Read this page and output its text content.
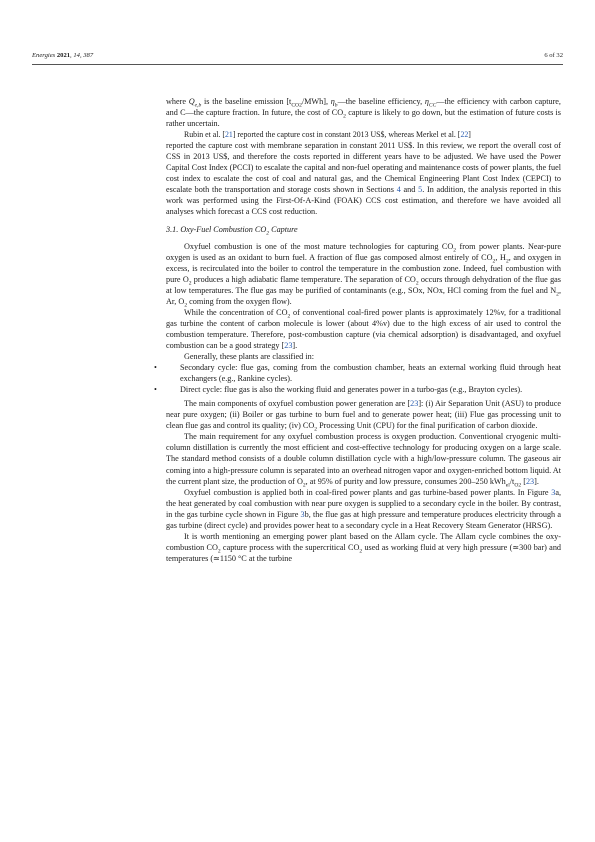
Energies 2021, 14, 387	6 of 32

where $Q_{e,b}$ is the baseline emission $[t_{CO2}/MWh]$, $\eta_b—the$ baseline efficiency, $\eta_{CC}—the$ efficiency with carbon capture, and C—the capture fraction. In future, the cost of $CO_2$ capture is likely to go down, but the estimation of future costs is rather uncertain.

Rubin et al. [21] reported the capture cost in constant 2013 US$, whereas Merkel et al. [22]

reported the capture cost with membrane separation in constant 2011 US$. In this review, we report the overall cost of CSS in 2013 US$, and therefore the costs reported in different years have to be adjusted. We have used the Power Capital Cost Index (PCCI) to escalate the capital and non-fuel operating and maintenance costs of power plants, the fuel cost index to escalate the cost of coal and natural gas, and the Chemical Engineering Plant Cost Index (CEPCI) to escalate both the transportation and storage costs shown in Sections 4 and 5. In addition, the analysis reported in this work was performed using the First-Of-A-Kind (FOAK) CCS cost estimation, and therefore we have avoided all analyses which forecast a CCS cost reduction.

3.1. Oxy-Fuel Combustion $CO_2$ Capture

Oxyfuel combustion is one of the most mature technologies for capturing $CO_2$ from power plants. Near-pure oxygen is used as an oxidant to burn fuel. A fraction of flue gas composed almost entirely of $CO_2$, $H_2$, and oxygen in excess, is recirculated into the boiler to control the temperature in the combustion zone. Indeed, fuel combustion with pure $O_2$ produces a high adiabatic flame temperature. The separation of $CO_2$ occurs through dehydration of the flue gas at low temperatures. The flue gas may be purified of contaminants (e.g., SOx, NOx, HCl coming from the fuel and $N_2$, Ar, $O_2$ coming from the oxygen flow).

While the concentration of $CO_2$ of conventional coal-fired power plants is approximately 12%v, for a traditional gas turbine the content of carbon molecule is lower (about 4%v) due to the high excess of air used to control the combustion temperature. Therefore, post-combustion capture (via chemical adsorption) is disadvantaged, and oxyfuel combustion can be a good strategy [23].

Generally, these plants are classified in:

•	Secondary cycle: flue gas, coming from the combustion chamber, heats an external working fluid through heat exchangers (e.g., Rankine cycles).
•	Direct cycle: flue gas is also the working fluid and generates power in a turbo-gas (e.g., Brayton cycles).

The main components of oxyfuel combustion power generation are [23]: (i) Air Separation Unit (ASU) to produce near pure oxygen; (ii) Boiler or gas turbine to burn fuel and to generate power heat; (iii) Flue gas processing unit to clean flue gas and control its quality; (iv) $CO_2$ Processing Unit (CPU) for the final purification of carbon dioxide.

The main requirement for any oxyfuel combustion process is oxygen production. Conventional cryogenic multi-column distillation is currently the most efficient and cost-effective technology for producing oxygen on a large scale. The standard method consists of a double column distillation cycle with a high/low-pressure column. The gaseous air coming into a high-pressure column is separated into an overhead nitrogen vapor and oxygen-enriched bottom liquid. At the current plant size, the production of $O_2$, at 95% of purity and low pressure, consumes 200–250 $kWh_{el}/t_{O2}$ [23].

Oxyfuel combustion is applied both in coal-fired power plants and gas turbine-based power plants. In Figure 3a, the heat generated by coal combustion with near pure oxygen is supplied to a secondary cycle in the boiler. By contrast, in the gas turbine cycle shown in Figure 3b, the flue gas at high pressure and temperature produces electricity through a gas turbine (direct cycle) and provides power heat to a secondary cycle in a Heat Recovery Steam Generator (HRSG).

It is worth mentioning an emerging power plant based on the Allam cycle. The Allam cycle combines the oxy-combustion $CO_2$ capture process with the supercritical $CO_2$ used as working fluid at very high pressure (≃300 bar) and temperatures (≃1150 °C at the turbine
